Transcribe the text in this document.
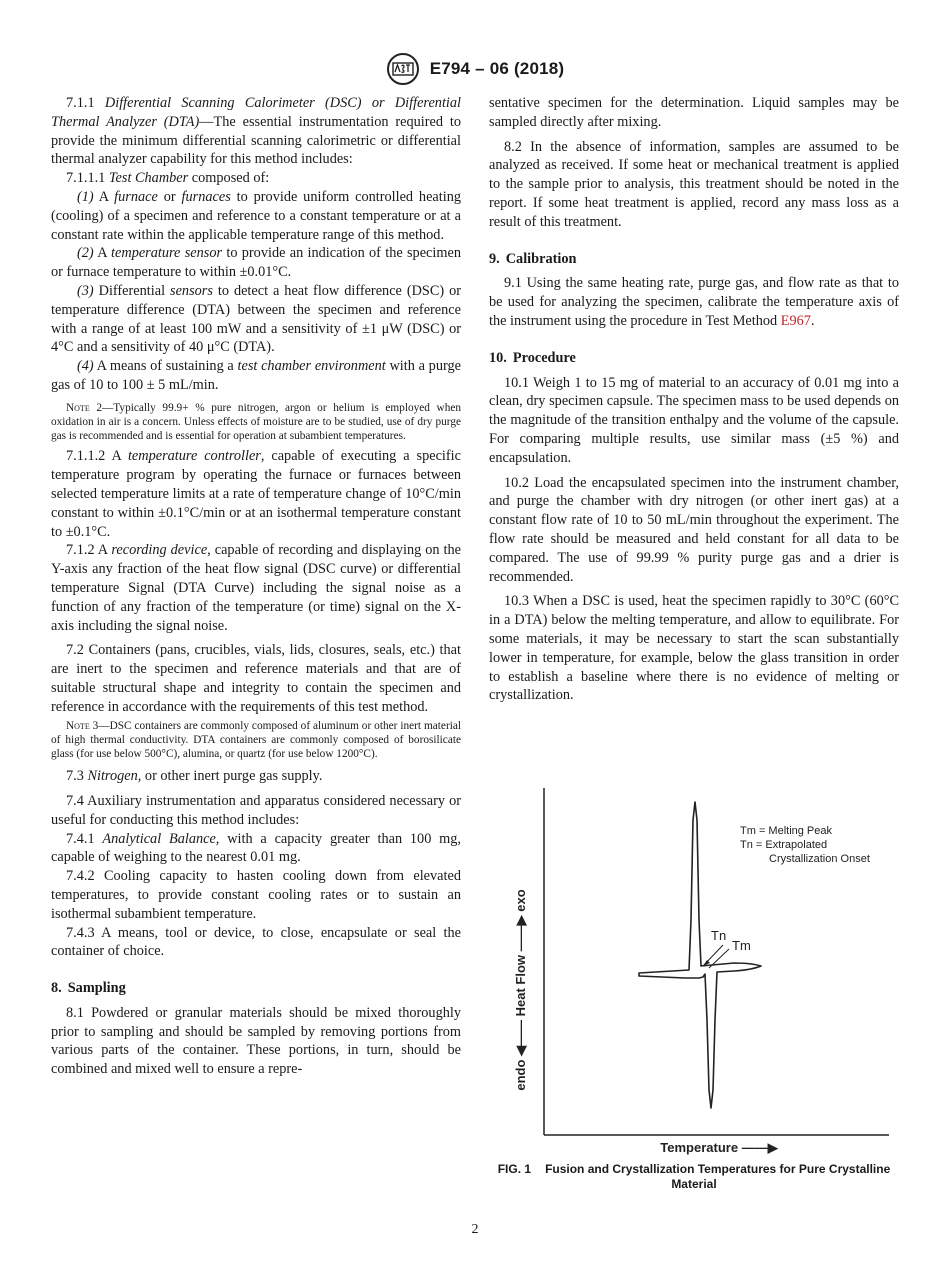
E794 – 06 (2018)

7.1.1 Differential Scanning Calorimeter (DSC) or Differential Thermal Analyzer (DTA)—The essential instrumentation required to provide the minimum differential scanning calorimetric or differential thermal analyzer capability for this method includes:

7.1.1.1 Test Chamber composed of:

(1) A furnace or furnaces to provide uniform controlled heating (cooling) of a specimen and reference to a constant temperature or at a constant rate within the applicable temperature range of this method.

(2) A temperature sensor to provide an indication of the specimen or furnace temperature to within ±0.01°C.

(3) Differential sensors to detect a heat flow difference (DSC) or temperature difference (DTA) between the specimen and reference with a range of at least 100 mW and a sensitivity of ±1 μW (DSC) or 4°C and a sensitivity of 40 μ°C (DTA).

(4) A means of sustaining a test chamber environment with a purge gas of 10 to 100 ± 5 mL/min.

Note 2—Typically 99.9+ % pure nitrogen, argon or helium is employed when oxidation in air is a concern. Unless effects of moisture are to be studied, use of dry purge gas is recommended and is essential for operation at subambient temperatures.

7.1.1.2 A temperature controller, capable of executing a specific temperature program by operating the furnace or furnaces between selected temperature limits at a rate of temperature change of 10°C/min constant to within ±0.1°C/min or at an isothermal temperature constant to ±0.1°C.

7.1.2 A recording device, capable of recording and displaying on the Y-axis any fraction of the heat flow signal (DSC curve) or differential temperature Signal (DTA Curve) including the signal noise as a function of any fraction of the temperature (or time) signal on the X-axis including the signal noise.

7.2 Containers (pans, crucibles, vials, lids, closures, seals, etc.) that are inert to the specimen and reference materials and that are of suitable structural shape and integrity to contain the specimen and reference in accordance with the requirements of this test method.

Note 3—DSC containers are commonly composed of aluminum or other inert material of high thermal conductivity. DTA containers are commonly composed of borosilicate glass (for use below 500°C), alumina, or quartz (for use below 1200°C).

7.3 Nitrogen, or other inert purge gas supply.

7.4 Auxiliary instrumentation and apparatus considered necessary or useful for conducting this method includes:

7.4.1 Analytical Balance, with a capacity greater than 100 mg, capable of weighing to the nearest 0.01 mg.

7.4.2 Cooling capacity to hasten cooling down from elevated temperatures, to provide constant cooling rates or to sustain an isothermal subambient temperature.

7.4.3 A means, tool or device, to close, encapsulate or seal the container of choice.

8. Sampling

8.1 Powdered or granular materials should be mixed thoroughly prior to sampling and should be sampled by removing portions from various parts of the container. These portions, in turn, should be combined and mixed well to ensure a repre-

sentative specimen for the determination. Liquid samples may be sampled directly after mixing.

8.2 In the absence of information, samples are assumed to be analyzed as received. If some heat or mechanical treatment is applied to the sample prior to analysis, this treatment should be noted in the report. If some heat treatment is applied, record any mass loss as a result of this treatment.

9. Calibration

9.1 Using the same heating rate, purge gas, and flow rate as that to be used for analyzing the specimen, calibrate the temperature axis of the instrument using the procedure in Test Method E967.

10. Procedure

10.1 Weigh 1 to 15 mg of material to an accuracy of 0.01 mg into a clean, dry specimen capsule. The specimen mass to be used depends on the magnitude of the transition enthalpy and the volume of the capsule. For comparing multiple results, use similar mass (±5 %) and encapsulation.

10.2 Load the encapsulated specimen into the instrument chamber, and purge the chamber with dry nitrogen (or other inert gas) at a constant flow rate of 10 to 50 mL/min throughout the experiment. The flow rate should be measured and held constant for all data to be compared. The use of 99.99 % purity purge gas and a drier is recommended.

10.3 When a DSC is used, heat the specimen rapidly to 30°C (60°C in a DTA) below the melting temperature, and allow to equilibrate. For some materials, it may be necessary to start the scan substantially lower in temperature, for example, below the glass transition in order to establish a baseline where there is no evidence of melting or crystallization.

Tm = Melting Peak
Tn = Extrapolated
Crystallization Onset
Tn
Tm
endo ◀—— Heat Flow ——▶ exo
Temperature ——▶
FIG. 1 Fusion and Crystallization Temperatures for Pure Crystalline Material
2
